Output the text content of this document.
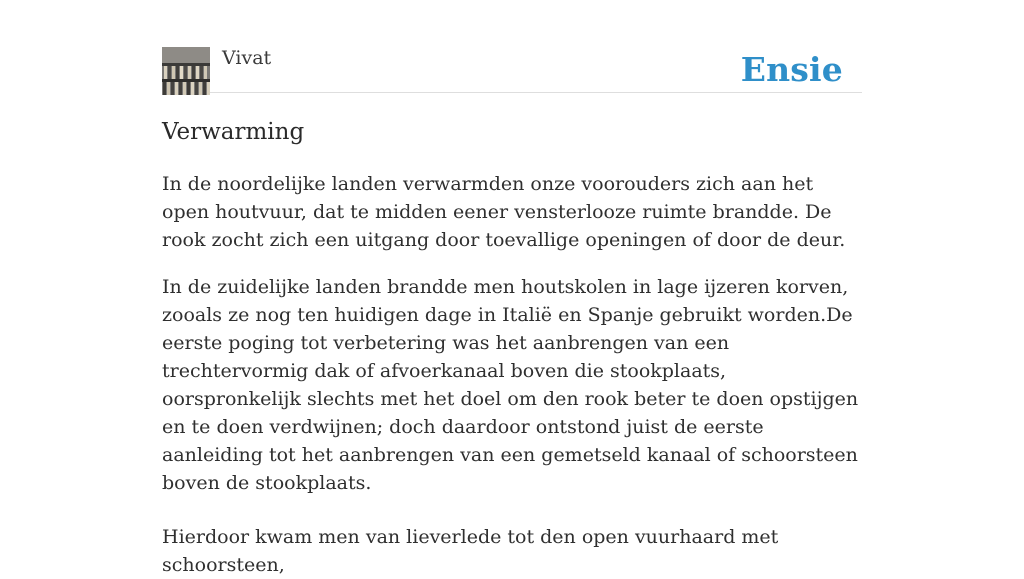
Vivat	Ensie
Verwarming

In de noordelijke landen verwarmden onze voorouders zich aan het open houtvuur, dat te midden eener vensterlooze ruimte brandde. De rook zocht zich een uitgang door toevallige openingen of door de deur.

In de zuidelijke landen brandde men houtskolen in lage ijzeren korven, zooals ze nog ten huidigen dage in Italië en Spanje gebruikt worden.De eerste poging tot verbetering was het aanbrengen van een trechtervormig dak of afvoerkanaal boven die stookplaats, oorspronkelijk slechts met het doel om den rook beter te doen opstijgen en te doen verdwijnen; doch daardoor ontstond juist de eerste aanleiding tot het aanbrengen van een gemetseld kanaal of schoorsteen boven de stookplaats.

Hierdoor kwam men van lieverlede tot den open vuurhaard met schoorsteen,
